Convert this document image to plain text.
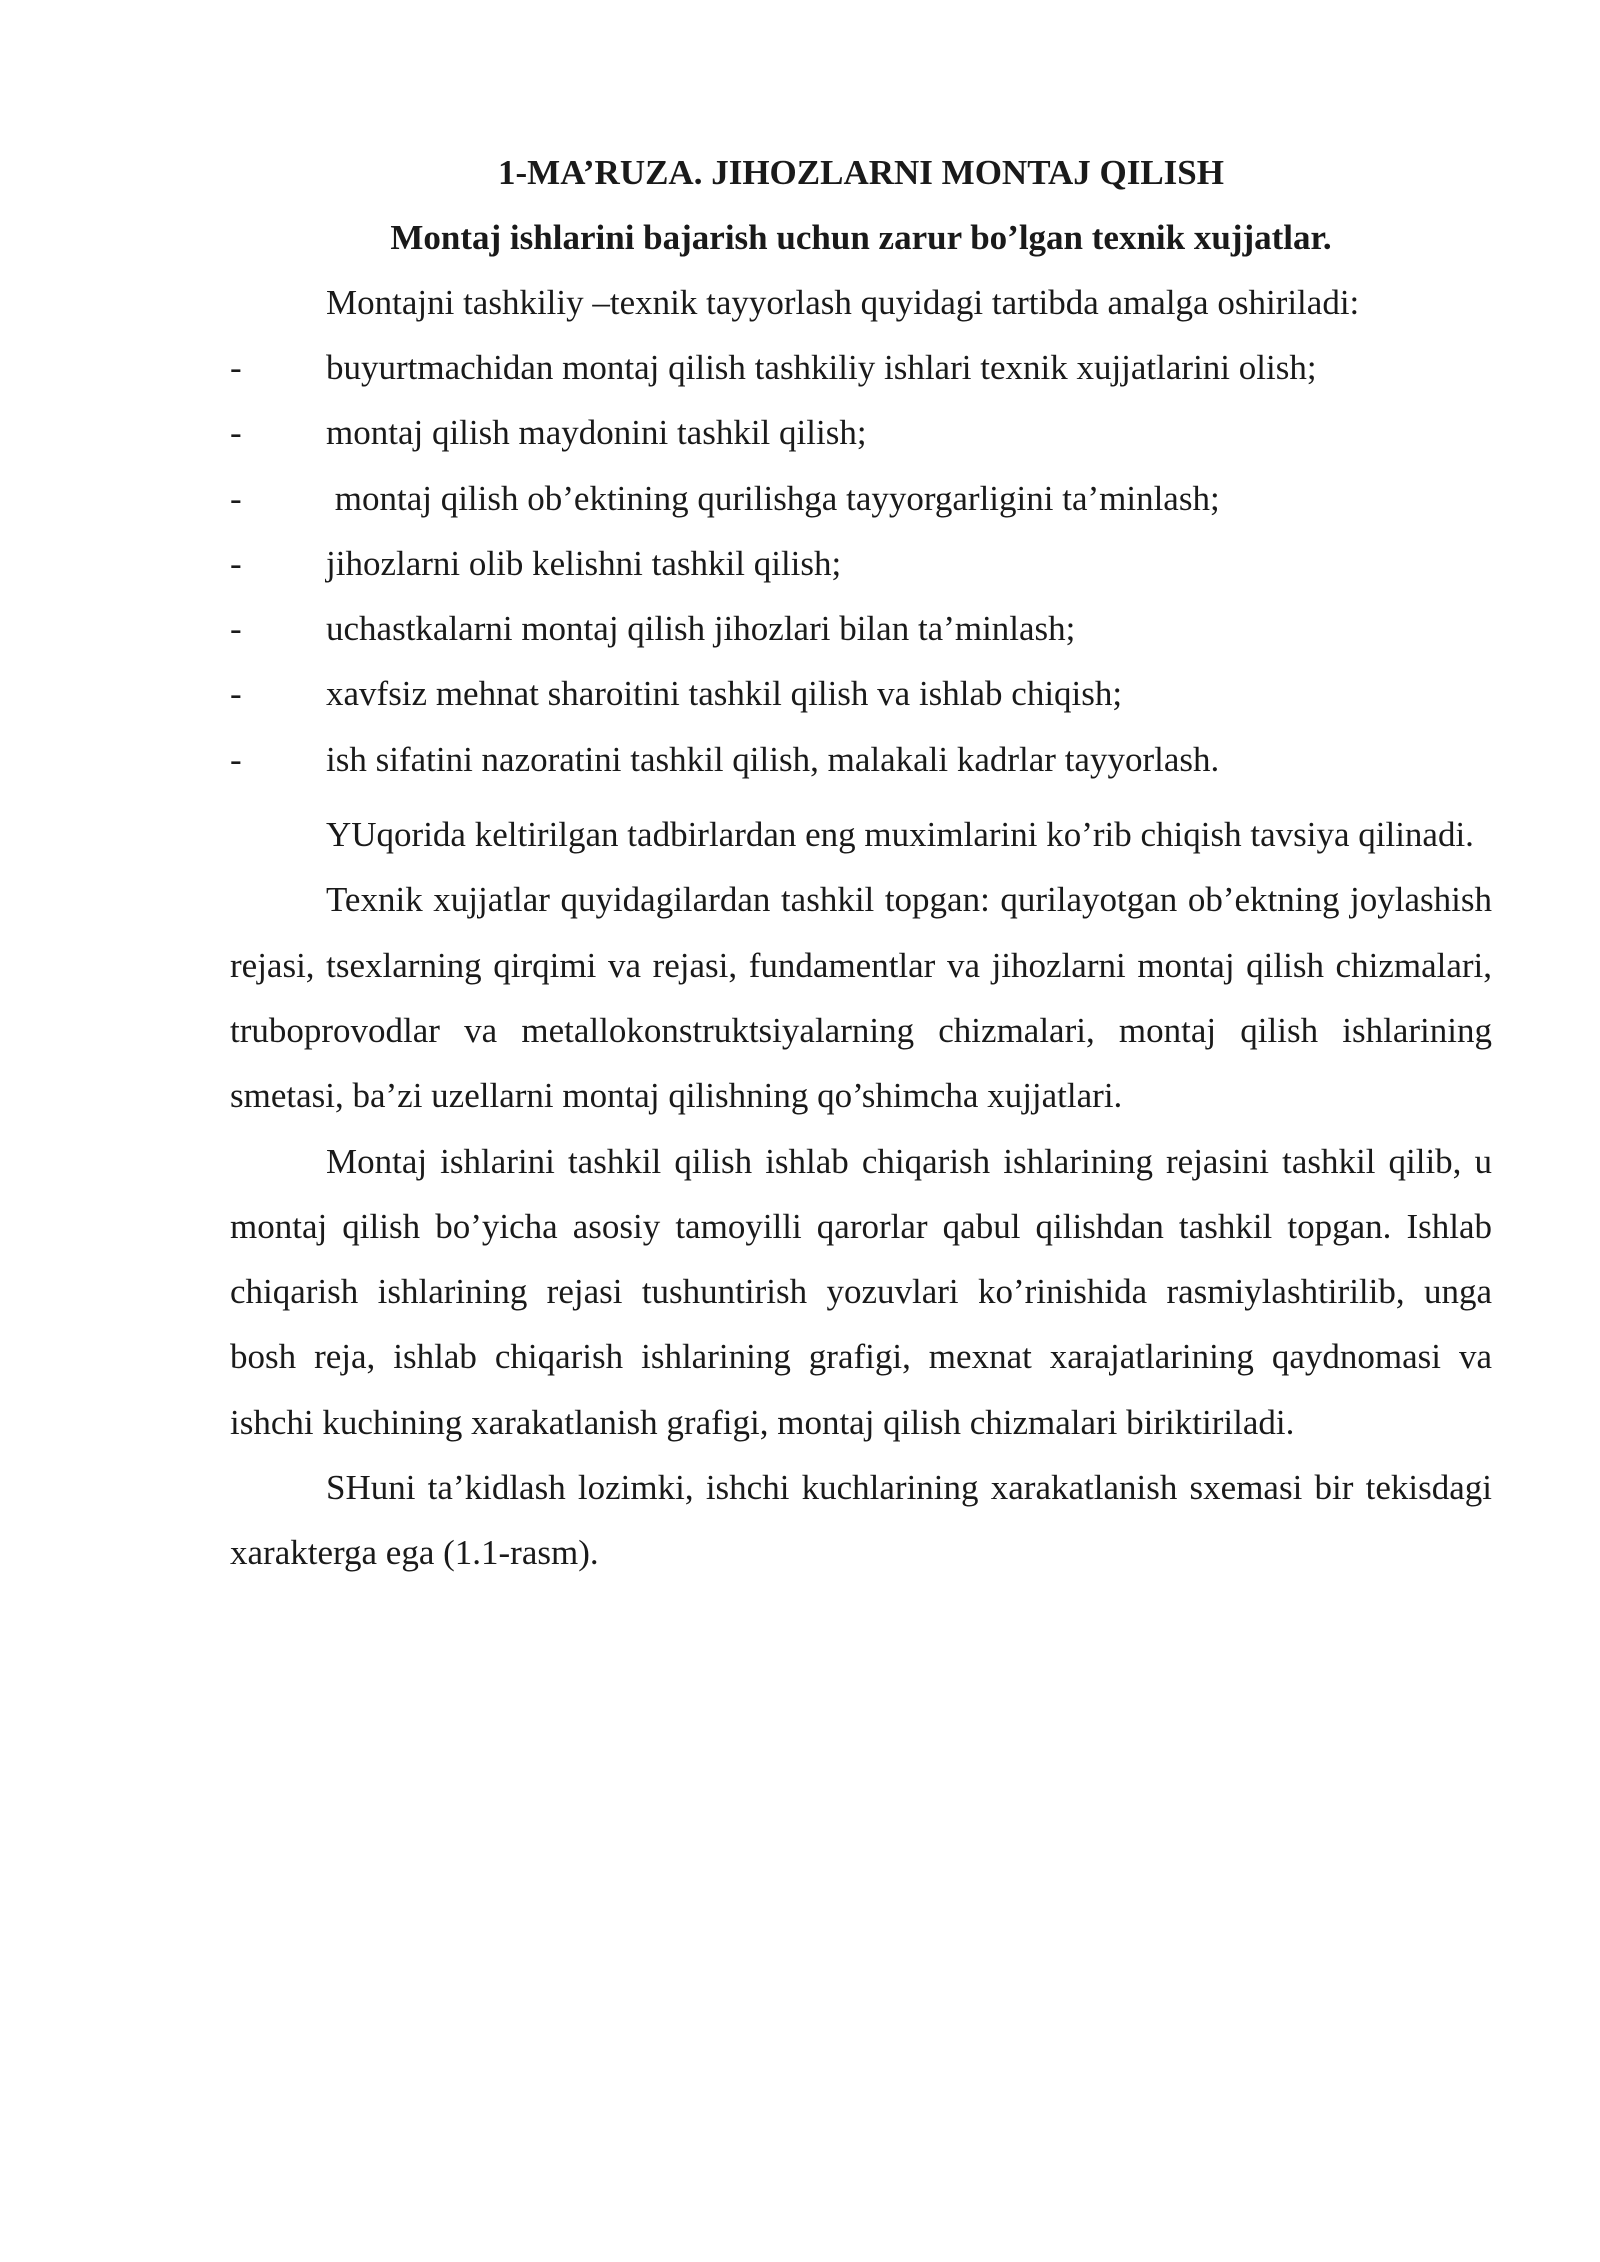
1-MA’RUZA. JIHOZLARNI MONTAJ QILISH
Montaj ishlarini bajarish uchun zarur bo’lgan texnik xujjatlar.

Montajni tashkiliy –texnik tayyorlash quyidagi tartibda amalga oshiriladi:

- buyurtmachidan montaj qilish tashkiliy ishlari texnik xujjatlarini olish;
- montaj qilish maydonini tashkil qilish;
- montaj qilish ob’ektining qurilishga tayyorgarligini ta’minlash;
- jihozlarni olib kelishni tashkil qilish;
- uchastkalarni montaj qilish jihozlari bilan ta’minlash;
- xavfsiz mehnat sharoitini tashkil qilish va ishlab chiqish;
- ish sifatini nazoratini tashkil qilish, malakali kadrlar tayyorlash.

YUqorida keltirilgan tadbirlardan eng muximlarini ko’rib chiqish tavsiya qilinadi.

Texnik xujjatlar quyidagilardan tashkil topgan: qurilayotgan ob’ektning joylashish rejasi, tsexlarning qirqimi va rejasi, fundamentlar va jihozlarni montaj qilish chizmalari, truboprovodlar va metallokonstruktsiyalarning chizmalari, montaj qilish ishlarining smetasi, ba’zi uzellarni montaj qilishning qo’shimcha xujjatlari.

Montaj ishlarini tashkil qilish ishlab chiqarish ishlarining rejasini tashkil qilib, u montaj qilish bo’yicha asosiy tamoyilli qarorlar qabul qilishdan tashkil topgan. Ishlab chiqarish ishlarining rejasi tushuntirish yozuvlari ko’rinishida rasmiylashtirilib, unga bosh reja, ishlab chiqarish ishlarining grafigi, mexnat xarajatlarining qaydnomasi va ishchi kuchining xarakatlanish grafigi, montaj qilish chizmalari biriktiriladi.

SHuni ta’kidlash lozimki, ishchi kuchlarining xarakatlanish sxemasi bir tekisdagi xarakterga ega (1.1-rasm).
